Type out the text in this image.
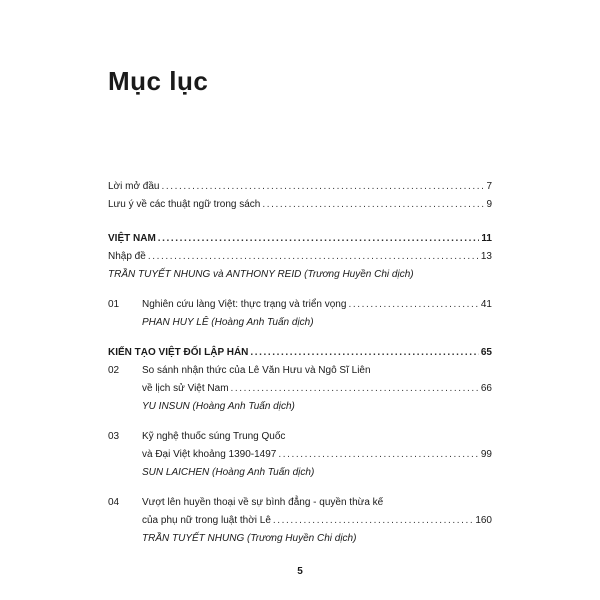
Mục lục
Lời mở đầu .....	7
Lưu ý về các thuật ngữ trong sách .....	9
VIỆT NAM .....	11
Nhập đề .....	13
TRẦN TUYẾT NHUNG và ANTHONY REID (Trương Huyền Chi dịch)
01	Nghiên cứu làng Việt: thực trạng và triển vọng .....	41
PHAN HUY LÊ (Hoàng Anh Tuấn dịch)
KIẾN TẠO VIỆT ĐỐI LẬP HÁN .....	65
02	So sánh nhận thức của Lê Văn Hưu và Ngô Sĩ Liên
về lịch sử Việt Nam .....	66
YU INSUN (Hoàng Anh Tuấn dịch)
03	Kỹ nghệ thuốc súng Trung Quốc
và Đại Việt khoảng 1390-1497 .....	99
SUN LAICHEN (Hoàng Anh Tuấn dịch)
04	Vượt lên huyền thoại về sự bình đẳng - quyền thừa kế
của phụ nữ trong luật thời Lê .....	160
TRẦN TUYẾT NHUNG (Trương Huyền Chi dịch)
5
